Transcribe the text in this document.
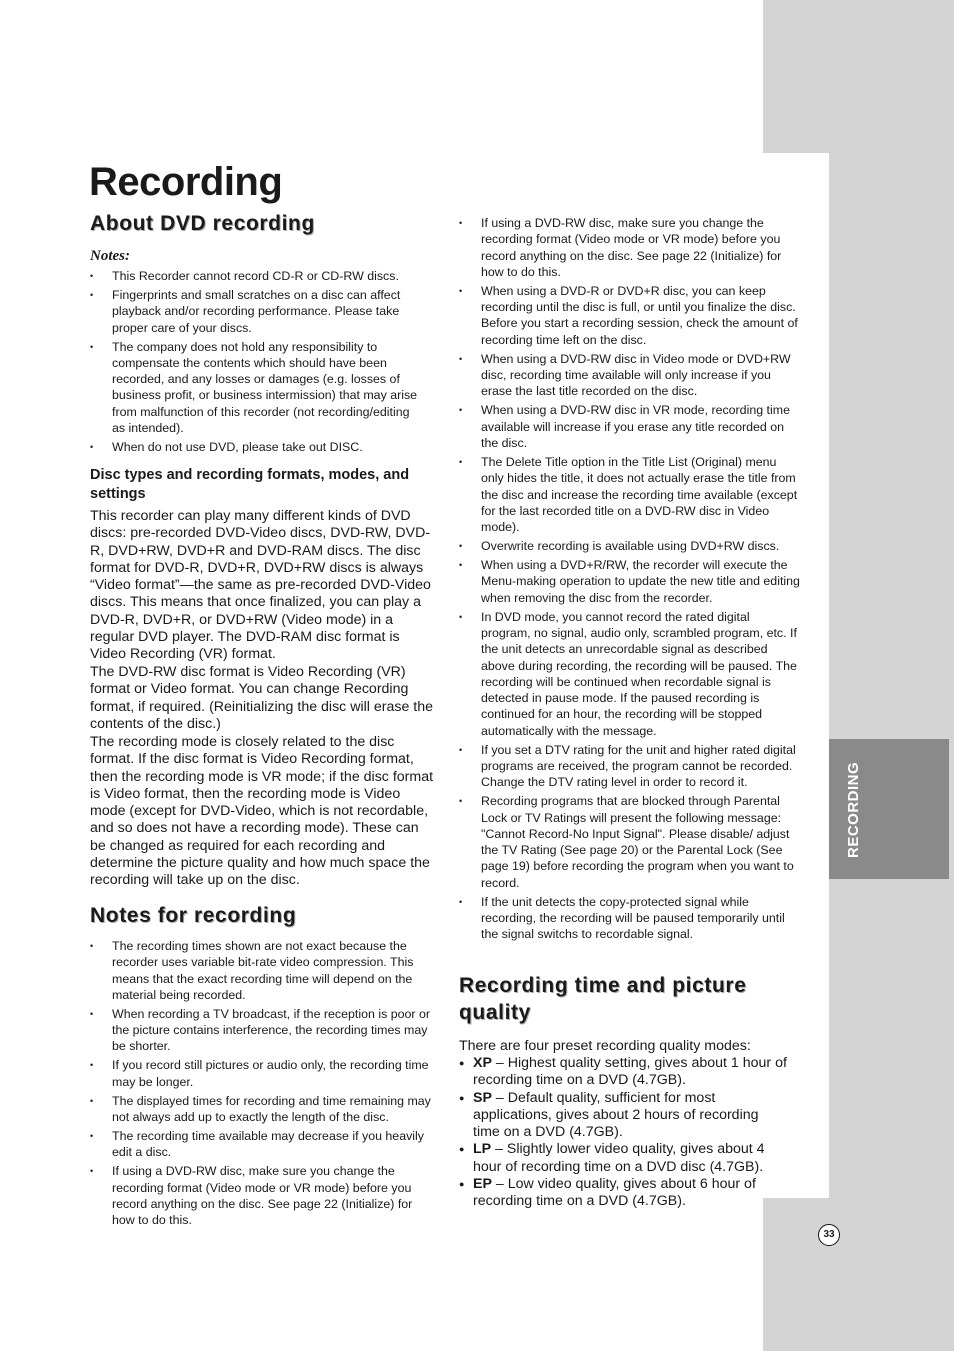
RECORDING
33
Recording
About DVD recording
Notes:
• This Recorder cannot record CD-R or CD-RW discs.
• Fingerprints and small scratches on a disc can affect playback and/or recording performance. Please take proper care of your discs.
• The company does not hold any responsibility to compensate the contents which should have been recorded, and any losses or damages (e.g. losses of business profit, or business intermission) that may arise from malfunction of this recorder (not recording/editing as intended).
• When do not use DVD, please take out DISC.
Disc types and recording formats, modes, and settings

This recorder can play many different kinds of DVD discs: pre-recorded DVD-Video discs, DVD-RW, DVD-R, DVD+RW, DVD+R and DVD-RAM discs. The disc format for DVD-R, DVD+R, DVD+RW discs is always “Video format”—the same as pre-recorded DVD-Video discs. This means that once finalized, you can play a DVD-R, DVD+R, or DVD+RW (Video mode) in a regular DVD player. The DVD-RAM disc format is Video Recording (VR) format.

The DVD-RW disc format is Video Recording (VR) format or Video format. You can change Recording format, if required. (Reinitializing the disc will erase the contents of the disc.)

The recording mode is closely related to the disc format. If the disc format is Video Recording format, then the recording mode is VR mode; if the disc format is Video format, then the recording mode is Video mode (except for DVD-Video, which is not recordable, and so does not have a recording mode). These can be changed as required for each recording and determine the picture quality and how much space the recording will take up on the disc.

Notes for recording
• The recording times shown are not exact because the recorder uses variable bit-rate video compression. This means that the exact recording time will depend on the material being recorded.
• When recording a TV broadcast, if the reception is poor or the picture contains interference, the recording times may be shorter.
• If you record still pictures or audio only, the recording time may be longer.
• The displayed times for recording and time remaining may not always add up to exactly the length of the disc.
• The recording time available may decrease if you heavily edit a disc.
• If using a DVD-RW disc, make sure you change the recording format (Video mode or VR mode) before you record anything on the disc. See page 22 (Initialize) for how to do this.
• If using a DVD-RW disc, make sure you change the recording format (Video mode or VR mode) before you record anything on the disc. See page 22 (Initialize) for how to do this.
• When using a DVD-R or DVD+R disc, you can keep recording until the disc is full, or until you finalize the disc. Before you start a recording session, check the amount of recording time left on the disc.
• When using a DVD-RW disc in Video mode or DVD+RW disc, recording time available will only increase if you erase the last title recorded on the disc.
• When using a DVD-RW disc in VR mode, recording time available will increase if you erase any title recorded on the disc.
• The Delete Title option in the Title List (Original) menu only hides the title, it does not actually erase the title from the disc and increase the recording time available (except for the last recorded title on a DVD-RW disc in Video mode).
• Overwrite recording is available using DVD+RW discs.
• When using a DVD+R/RW, the recorder will execute the Menu-making operation to update the new title and editing when removing the disc from the recorder.
• In DVD mode, you cannot record the rated digital program, no signal, audio only, scrambled program, etc. If the unit detects an unrecordable signal as described above during recording, the recording will be paused. The recording will be continued when recordable signal is detected in pause mode. If the paused recording is continued for an hour, the recording will be stopped automatically with the message.
• If you set a DTV rating for the unit and higher rated digital programs are received, the program cannot be recorded. Change the DTV rating level in order to record it.
• Recording programs that are blocked through Parental Lock or TV Ratings will present the following message: "Cannot Record-No Input Signal". Please disable/ adjust the TV Rating (See page 20) or the Parental Lock (See page 19) before recording the program when you want to record.
• If the unit detects the copy-protected signal while recording, the recording will be paused temporarily until the signal switchs to recordable signal.
Recording time and picture quality

There are four preset recording quality modes:

● XP – Highest quality setting, gives about 1 hour of recording time on a DVD (4.7GB).
● SP – Default quality, sufficient for most applications, gives about 2 hours of recording time on a DVD (4.7GB).
● LP – Slightly lower video quality, gives about 4 hour of recording time on a DVD disc (4.7GB).
● EP – Low video quality, gives about 6 hour of recording time on a DVD (4.7GB).
